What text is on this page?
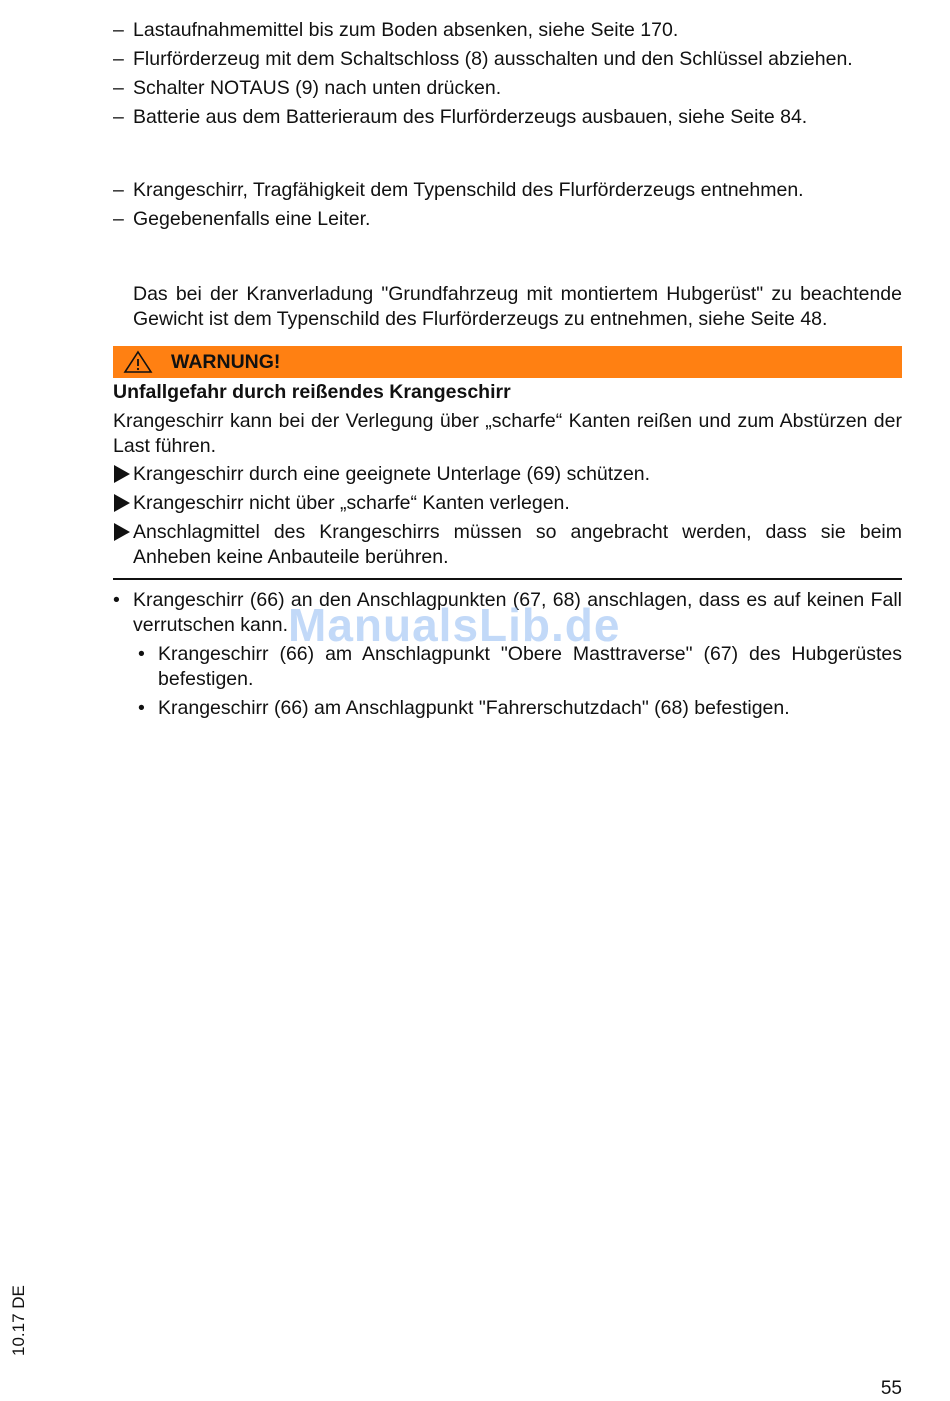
– Lastaufnahmemittel bis zum Boden absenken, siehe Seite 170.
– Flurförderzeug mit dem Schaltschloss (8) ausschalten und den Schlüssel abziehen.
– Schalter NOTAUS (9) nach unten drücken.
– Batterie aus dem Batterieraum des Flurförderzeugs ausbauen, siehe Seite 84.
– Krangeschirr, Tragfähigkeit dem Typenschild des Flurförderzeugs entnehmen.
– Gegebenenfalls eine Leiter.
Das bei der Kranverladung "Grundfahrzeug mit montiertem Hubgerüst" zu beachtende Gewicht ist dem Typenschild des Flurförderzeugs zu entnehmen, siehe Seite 48.
WARNUNG!
Unfallgefahr durch reißendes Krangeschirr
Krangeschirr kann bei der Verlegung über „scharfe“ Kanten reißen und zum Abstürzen der Last führen.
Krangeschirr durch eine geeignete Unterlage (69) schützen.
Krangeschirr nicht über „scharfe“ Kanten verlegen.
Anschlagmittel des Krangeschirrs müssen so angebracht werden, dass sie beim Anheben keine Anbauteile berühren.
• Krangeschirr (66) an den Anschlagpunkten (67, 68) anschlagen, dass es auf keinen Fall verrutschen kann.
• Krangeschirr (66) am Anschlagpunkt "Obere Masttraverse" (67) des Hubgerüstes befestigen.
• Krangeschirr (66) am Anschlagpunkt "Fahrerschutzdach" (68) befestigen.
ManualsLib.de
10.17 DE
55
